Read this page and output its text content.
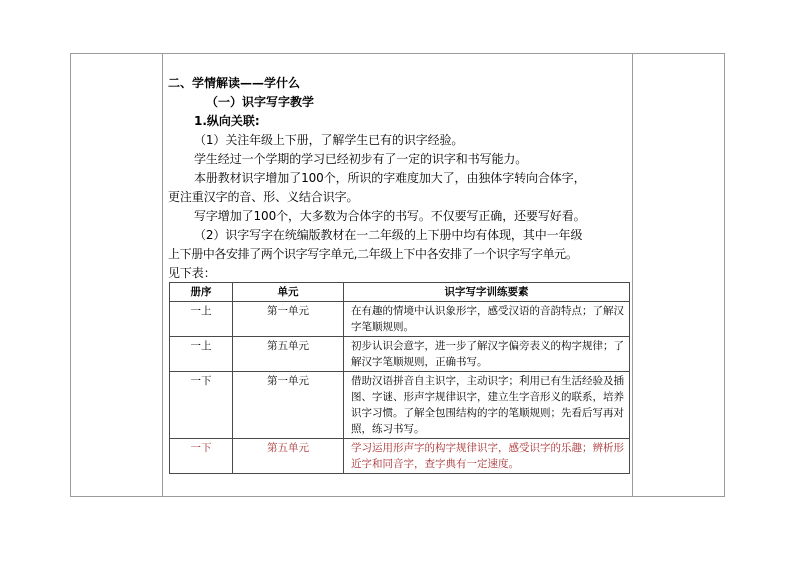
二、学情解读——学什么

（一）识字写字教学

1.纵向关联:

（1）关注年级上下册，了解学生已有的识字经验。

学生经过一个学期的学习已经初步有了一定的识字和书写能力。

本册教材识字增加了100个，所识的字难度加大了，由独体字转向合体字，

更注重汉字的音、形、义结合识字。

写字增加了100个，大多数为合体字的书写。不仅要写正确，还要写好看。

（2）识字写字在统编版教材在一二年级的上下册中均有体现，其中一年级

上下册中各安排了两个识字写字单元,二年级上下中各安排了一个识字写字单元。

见下表：

册序	单元	识字写字训练要素
一上	第一单元	在有趣的情境中认识象形字，感受汉语的音韵特点；了解汉字笔顺规则。
一上	第五单元	初步认识会意字，进一步了解汉字偏旁表义的构字规律；了解汉字笔顺规则，正确书写。
一下	第一单元	借助汉语拼音自主识字，主动识字；利用已有生活经验及插图、字谜、形声字规律识字，建立生字音形义的联系，培养识字习惯。了解全包围结构的字的笔顺规则；先看后写再对照，练习书写。
一下	第五单元	学习运用形声字的构字规律识字，感受识字的乐趣；辨析形近字和同音字，查字典有一定速度。
